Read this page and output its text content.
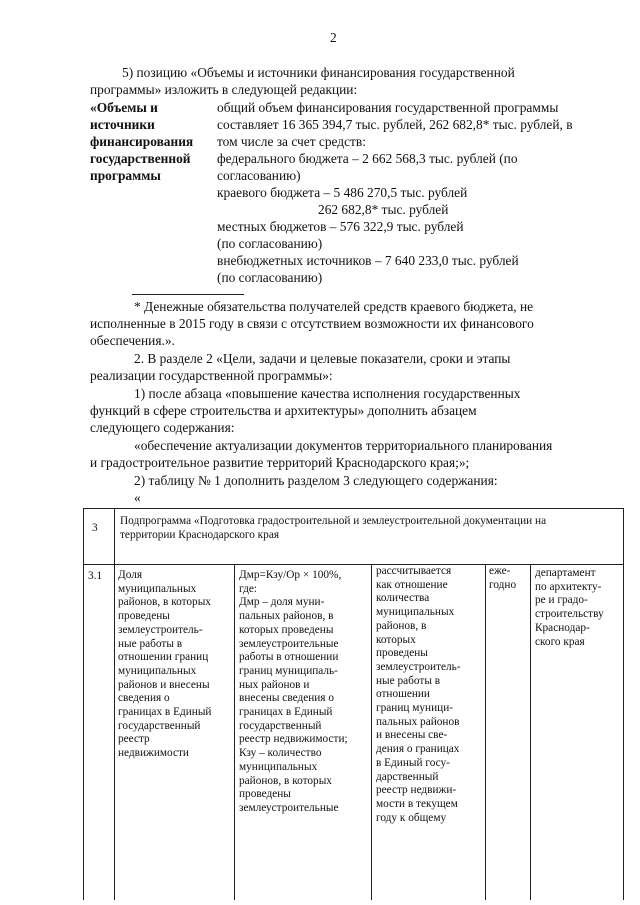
2
5) позицию «Объемы и источники финансирования государственной
программы» изложить в следующей редакции:
«Объемы и
источники
финансирования
государственной
программы
общий объем финансирования государственной программы
составляет 16 365 394,7 тыс. рублей, 262 682,8* тыс. рублей, в
том числе за счет средств:
федерального бюджета – 2 662 568,3 тыс. рублей (по
согласованию)
краевого бюджета – 5 486 270,5 тыс. рублей
262 682,8* тыс. рублей
местных бюджетов – 576 322,9 тыс. рублей
(по согласованию)
внебюджетных источников – 7 640 233,0 тыс. рублей
(по согласованию)
* Денежные обязательства получателей средств краевого бюджета, не
исполненные в 2015 году в связи с отсутствием возможности их финансового
обеспечения.».
2. В разделе 2 «Цели, задачи и целевые показатели, сроки и этапы
реализации государственной программы»:
1) после абзаца «повышение качества исполнения государственных
функций в сфере строительства и архитектуры» дополнить абзацем
следующего содержания:
«обеспечение актуализации документов территориального планирования
и градостроительное развитие территорий Краснодарского края;»;
2) таблицу № 1 дополнить разделом 3 следующего содержания:
«
3
Подпрограмма «Подготовка градостроительной и землеустроительной документации на
территории Краснодарского края
3.1 Доля
муниципальных
районов, в которых
проведены
землеустроитель-
ные работы в
отношении границ
муниципальных
районов и внесены
сведения о
границах в Единый
государственный
реестр
недвижимости
Дмр=Кзу/Ор × 100%,
где:
Дмр – доля муни-
пальных районов, в
которых проведены
землеустроительные
работы в отношении
границ муниципаль-
ных районов и
внесены сведения о
границах в Единый
государственный
реестр недвижимости;
Кзу – количество
муниципальных
районов, в которых
проведены
землеустроительные
рассчитывается
как отношение
количества
муниципальных
районов, в
которых
проведены
землеустроитель-
ные работы в
отношении
границ муници-
пальных районов
и внесены све-
дения о границах
в Единый госу-
дарственный
реестр недвижи-
мости в текущем
году к общему
еже-
годно
департамент
по архитекту-
ре и градо-
строительству
Краснодар-
ского края
